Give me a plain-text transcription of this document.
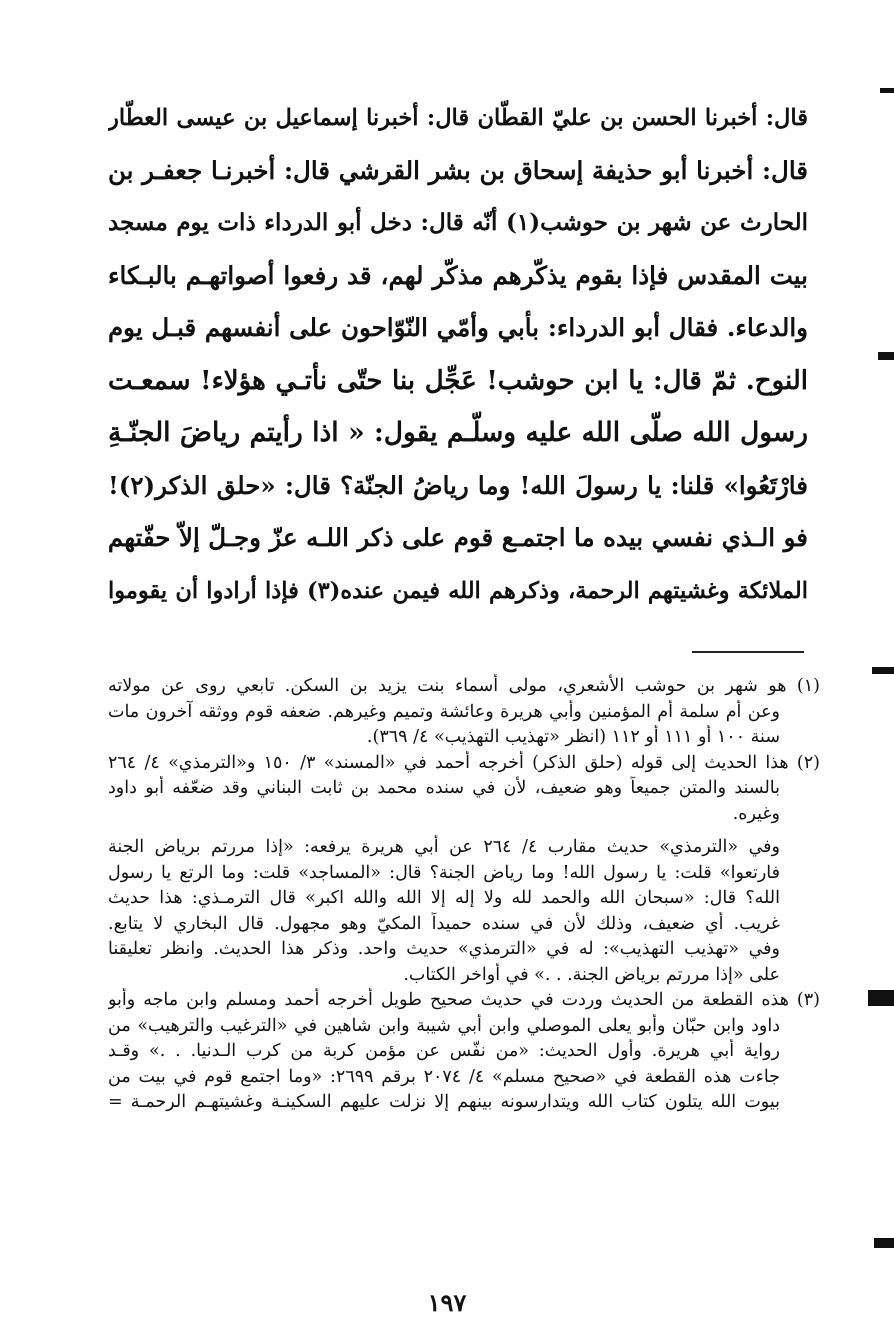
قال: أخبرنا الحسن بن عليّ القطّان قال: أخبرنا إسماعيل بن عيسى العطّار
قال: أخبرنا أبو حذيفة إسحاق بن بشر القرشي قال: أخبرنـا جعفـر بن
الحارث عن شهر بن حوشب(١) أنّه قال: دخل أبو الدرداء ذات يوم مسجد
بيت المقدس فإذا بقوم يذكّرهم مذكّر لهم، قد رفعوا أصواتهـم بالبـكاء
والدعاء. فقال أبو الدرداء: بأبي وأمّي النّوّاحون على أنفسهم قبـل يوم
النوح. ثمّ قال: يا ابن حوشب! عَجِّل بنا حتّى نأتـي هؤلاء! سمعـت
رسول الله صلّى الله عليه وسلّـم يقول: « اذا رأيتم رياضَ الجنّـةِ
فارْتَعُوا» قلنا: يا رسولَ الله! وما رياضُ الجنّة؟ قال: «حلق الذكر(٢)!
فو الـذي نفسي بيده ما اجتمـع قوم على ذكر اللـه عزّ وجـلّ إلاّ حفّتهم
الملائكة وغشيتهم الرحمة، وذكرهم الله فيمن عنده(٣) فإذا أرادوا أن يقوموا
(١) هو شهر بن حوشب الأشعري، مولى أسماء بنت يزيد بن السكن. تابعي روى عن مولاته
وعن أم سلمة أم المؤمنين وأبي هريرة وعائشة وتميم وغيرهم. ضعفه قوم ووثقه آخرون مات
سنة ١٠٠ أو ١١١ أو ١١٢ (انظر «تهذيب التهذيب» ٤/ ٣٦٩).
(٢) هذا الحديث إلى قوله (حلق الذكر) أخرجه أحمد في «المسند» ٣/ ١٥٠ و«الترمذي» ٤/ ٢٦٤
بالسند والمتن جميعاً وهو ضعيف، لأن في سنده محمد بن ثابت البناني وقد ضعّفه أبو داود
وغيره.
وفي «الترمذي» حديث مقارب ٤/ ٢٦٤ عن أبي هريرة يرفعه: «إذا مررتم برياض الجنة
فارتعوا» قلت: يا رسول الله! وما رياض الجنة؟ قال: «المساجد» قلت: وما الرتع يا رسول
الله؟ قال: «سبحان الله والحمد لله ولا إله إلا الله والله اكبر» قال الترمـذي: هذا حديث
غريب. أي ضعيف، وذلك لأن في سنده حميداً المكيّ وهو مجهول. قال البخاري لا يتابع.
وفي «تهذيب التهذيب»: له في «الترمذي» حديث واحد. وذكر هذا الحديث. وانظر تعليقنا
على «إذا مررتم برياض الجنة. . .» في أواخر الكتاب.
(٣) هذه القطعة من الحديث وردت في حديث صحيح طويل أخرجه أحمد ومسلم وابن ماجه وأبو
داود وابن حبّان وأبو يعلى الموصلي وابن أبي شيبة وابن شاهين في «الترغيب والترهيب» من
رواية أبي هريرة. وأول الحديث: «من نفّس عن مؤمن كربة من كرب الـدنيا. . .» وقـد
جاءت هذه القطعة في «صحيح مسلم» ٤/ ٢٠٧٤ برقم ٢٦٩٩: «وما اجتمع قوم في بيت من
بيوت الله يتلون كتاب الله ويتدارسونه بينهم إلا نزلت عليهم السكينـة وغشيتهـم الرحمـة =
١٩٧
